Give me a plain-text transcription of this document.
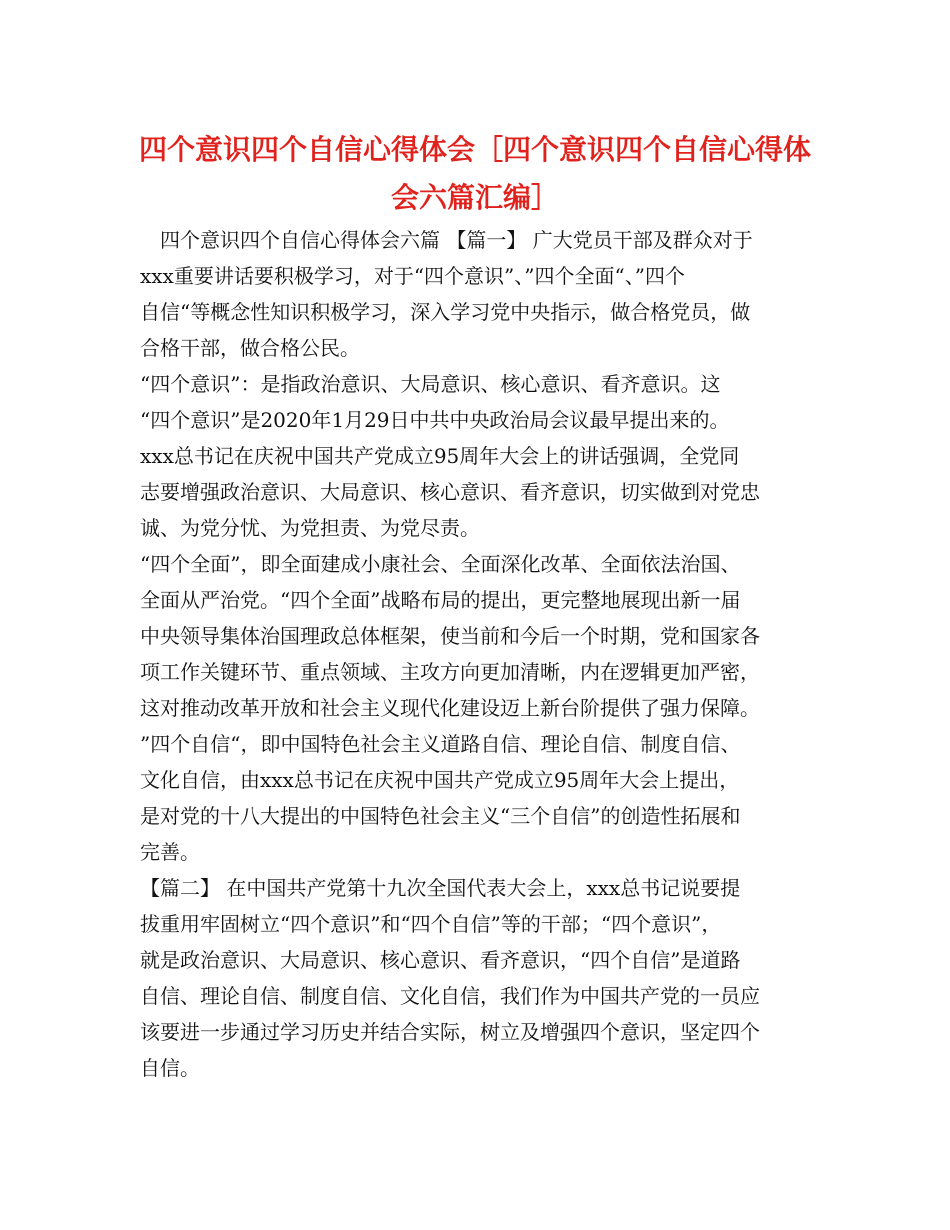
四个意识四个自信心得体会［四个意识四个自信心得体
会六篇汇编］
　四个意识四个自信心得体会六篇 【篇一】 广大党员干部及群众对于
xxx重要讲话要积极学习，对于“四个意识”、”四个全面“、”四个
自信“等概念性知识积极学习，深入学习党中央指示，做合格党员，做
合格干部，做合格公民。
“四个意识”：是指政治意识、大局意识、核心意识、看齐意识。这
“四个意识”是2020年1月29日中共中央政治局会议最早提出来的。
xxx总书记在庆祝中国共产党成立95周年大会上的讲话强调，全党同
志要增强政治意识、大局意识、核心意识、看齐意识，切实做到对党忠
诚、为党分忧、为党担责、为党尽责。
“四个全面”，即全面建成小康社会、全面深化改革、全面依法治国、
全面从严治党。“四个全面”战略布局的提出，更完整地展现出新一届
中央领导集体治国理政总体框架，使当前和今后一个时期，党和国家各
项工作关键环节、重点领域、主攻方向更加清晰，内在逻辑更加严密，
这对推动改革开放和社会主义现代化建设迈上新台阶提供了强力保障。
”四个自信“，即中国特色社会主义道路自信、理论自信、制度自信、
文化自信，由xxx总书记在庆祝中国共产党成立95周年大会上提出，
是对党的十八大提出的中国特色社会主义“三个自信”的创造性拓展和
完善。
【篇二】 在中国共产党第十九次全国代表大会上，xxx总书记说要提
拔重用牢固树立“四个意识”和“四个自信”等的干部；“四个意识”，
就是政治意识、大局意识、核心意识、看齐意识，“四个自信”是道路
自信、理论自信、制度自信、文化自信，我们作为中国共产党的一员应
该要进一步通过学习历史并结合实际，树立及增强四个意识，坚定四个
自信。
